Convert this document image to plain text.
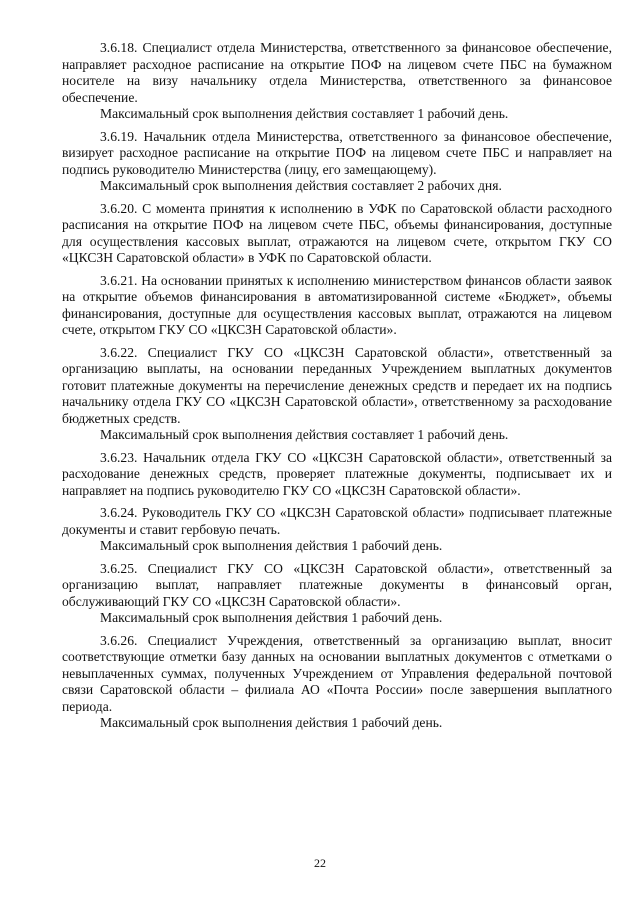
3.6.18. Специалист отдела Министерства, ответственного за финансовое обеспечение, направляет расходное расписание на открытие ПОФ на лицевом счете ПБС на бумажном носителе на визу начальнику отдела Министерства, ответственного за финансовое обеспечение.

Максимальный срок выполнения действия составляет 1 рабочий день.

3.6.19. Начальник отдела Министерства, ответственного за финансовое обеспечение, визирует расходное расписание на открытие ПОФ на лицевом счете ПБС и направляет на подпись руководителю Министерства (лицу, его замещающему).

Максимальный срок выполнения действия составляет 2 рабочих дня.

3.6.20. С момента принятия к исполнению в УФК по Саратовской области расходного расписания на открытие ПОФ на лицевом счете ПБС, объемы финансирования, доступные для осуществления кассовых выплат, отражаются на лицевом счете, открытом ГКУ СО «ЦКСЗН Саратовской области» в УФК по Саратовской области.

3.6.21. На основании принятых к исполнению министерством финансов области заявок на открытие объемов финансирования в автоматизированной системе «Бюджет», объемы финансирования, доступные для осуществления кассовых выплат, отражаются на лицевом счете, открытом ГКУ СО «ЦКСЗН Саратовской области».

3.6.22. Специалист ГКУ СО «ЦКСЗН Саратовской области», ответственный за организацию выплаты, на основании переданных Учреждением выплатных документов готовит платежные документы на перечисление денежных средств и передает их на подпись начальнику отдела ГКУ СО «ЦКСЗН Саратовской области», ответственному за расходование бюджетных средств.

Максимальный срок выполнения действия составляет 1 рабочий день.

3.6.23. Начальник отдела ГКУ СО «ЦКСЗН Саратовской области», ответственный за расходование денежных средств, проверяет платежные документы, подписывает их и направляет на подпись руководителю ГКУ СО «ЦКСЗН Саратовской области».

3.6.24. Руководитель ГКУ СО «ЦКСЗН Саратовской области» подписывает платежные документы и ставит гербовую печать.

Максимальный срок выполнения действия 1 рабочий день.

3.6.25. Специалист ГКУ СО «ЦКСЗН Саратовской области», ответственный за организацию выплат, направляет платежные документы в финансовый орган, обслуживающий ГКУ СО «ЦКСЗН Саратовской области».

Максимальный срок выполнения действия 1 рабочий день.

3.6.26. Специалист Учреждения, ответственный за организацию выплат, вносит соответствующие отметки базу данных на основании выплатных документов с отметками о невыплаченных суммах, полученных Учреждением от Управления федеральной почтовой связи Саратовской области – филиала АО «Почта России» после завершения выплатного периода.

Максимальный срок выполнения действия 1 рабочий день.

22
